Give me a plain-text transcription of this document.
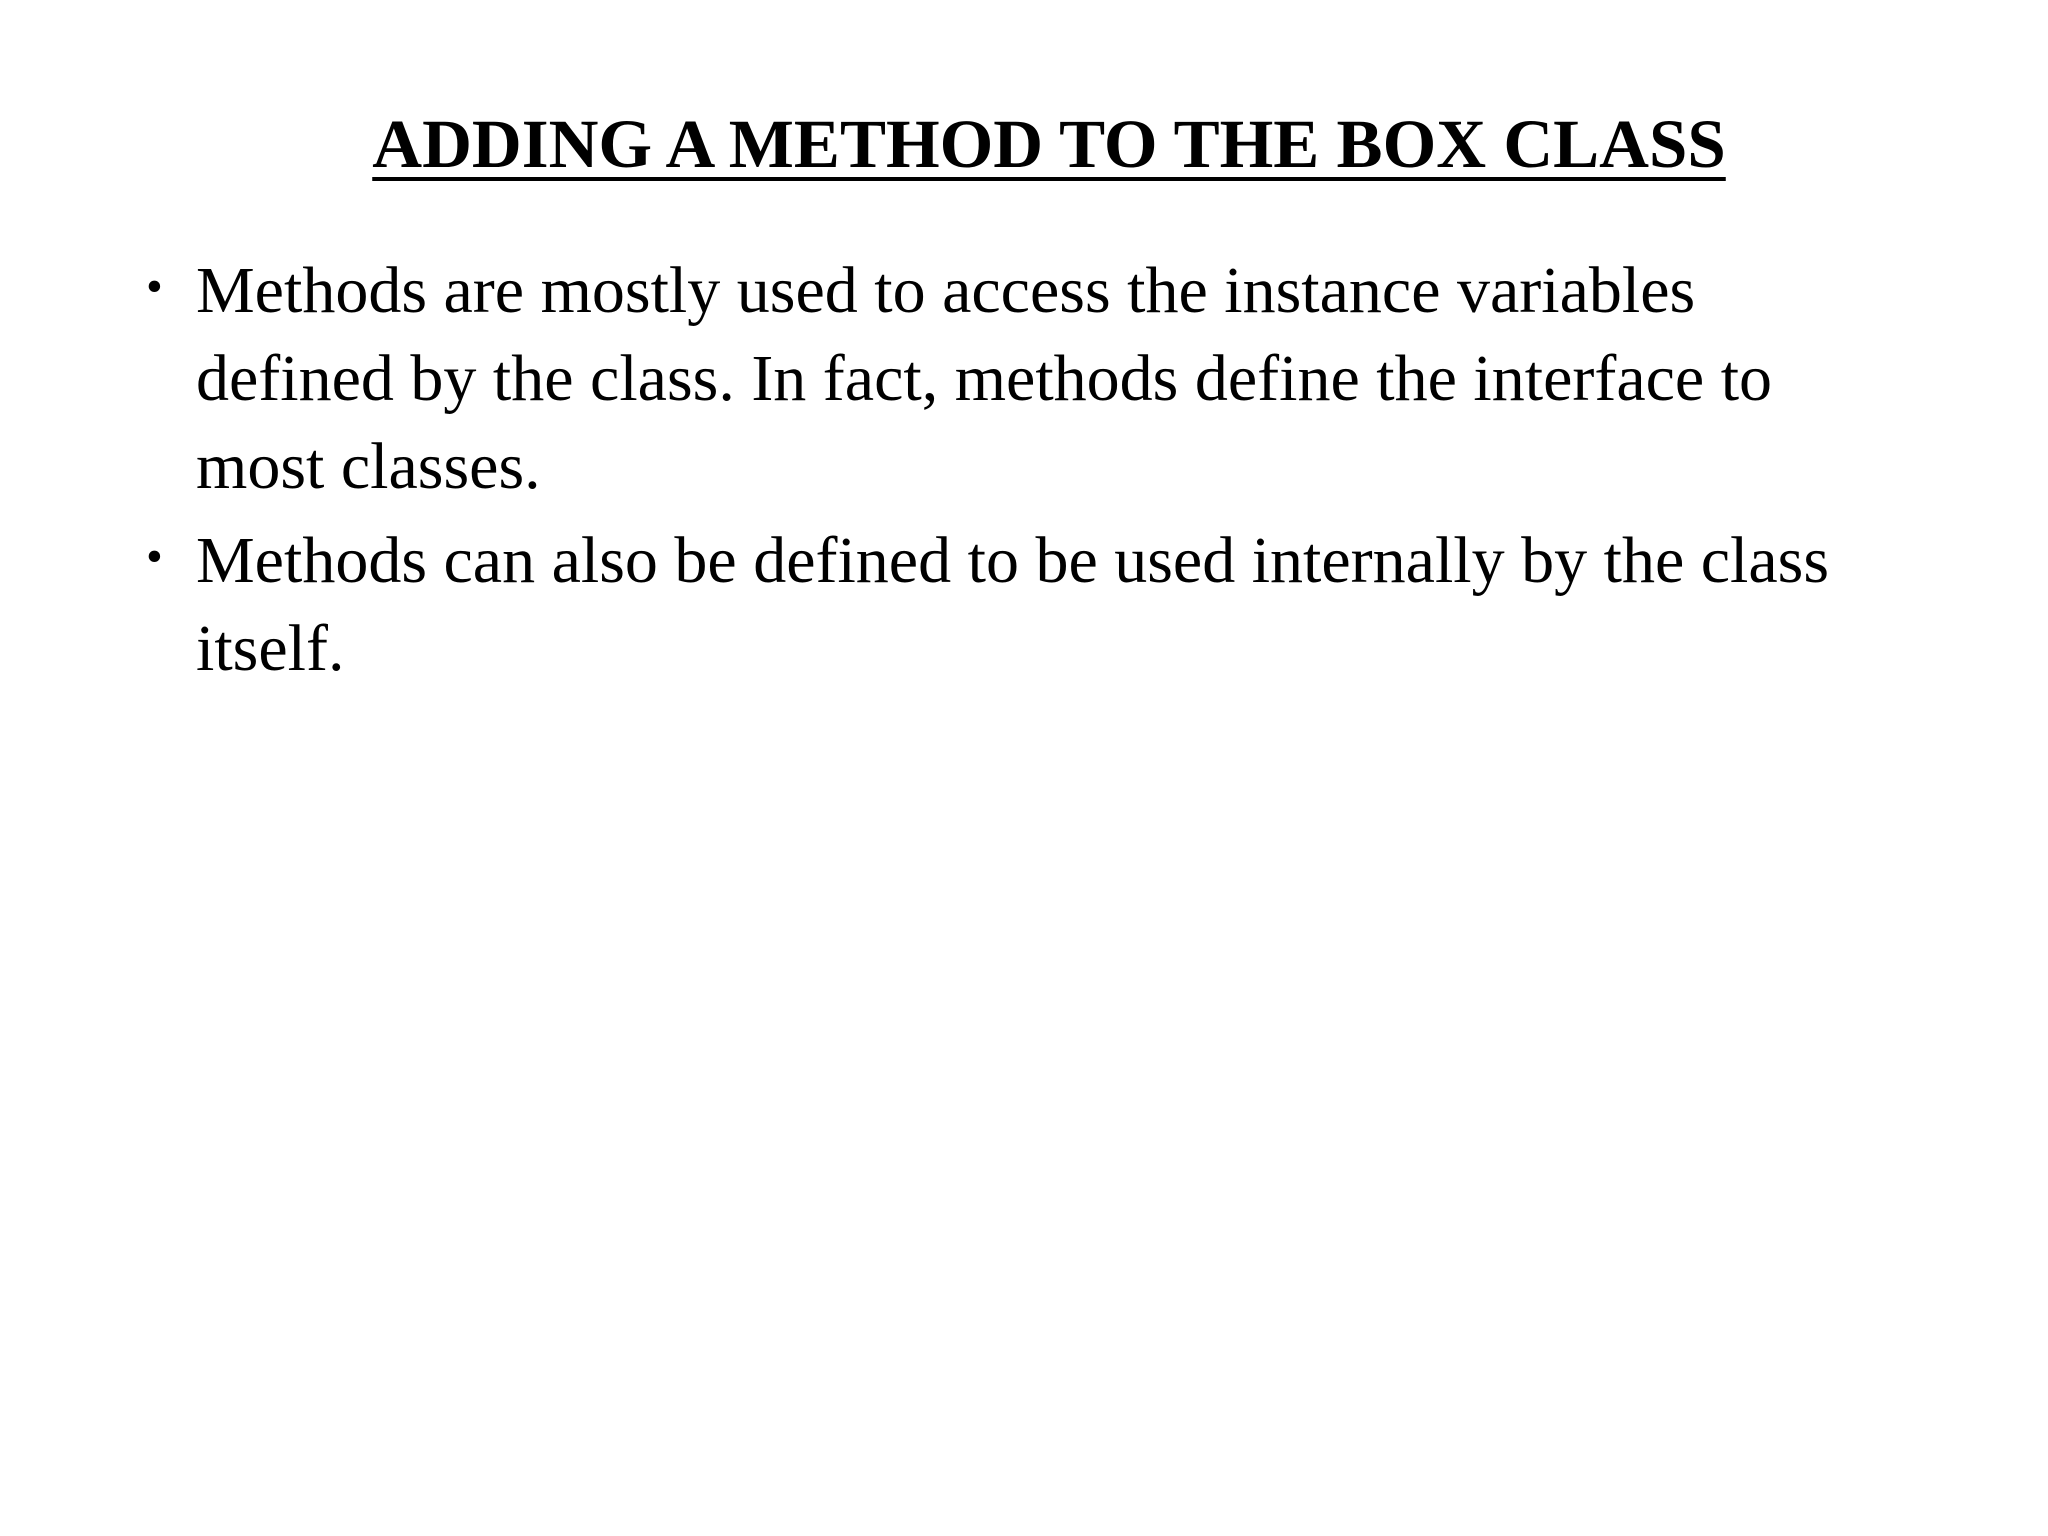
ADDING A METHOD TO THE BOX CLASS
• Methods are mostly used to access the instance variables
defined by the class. In fact, methods define the interface to
most classes.
• Methods can also be defined to be used internally by the class
itself.
